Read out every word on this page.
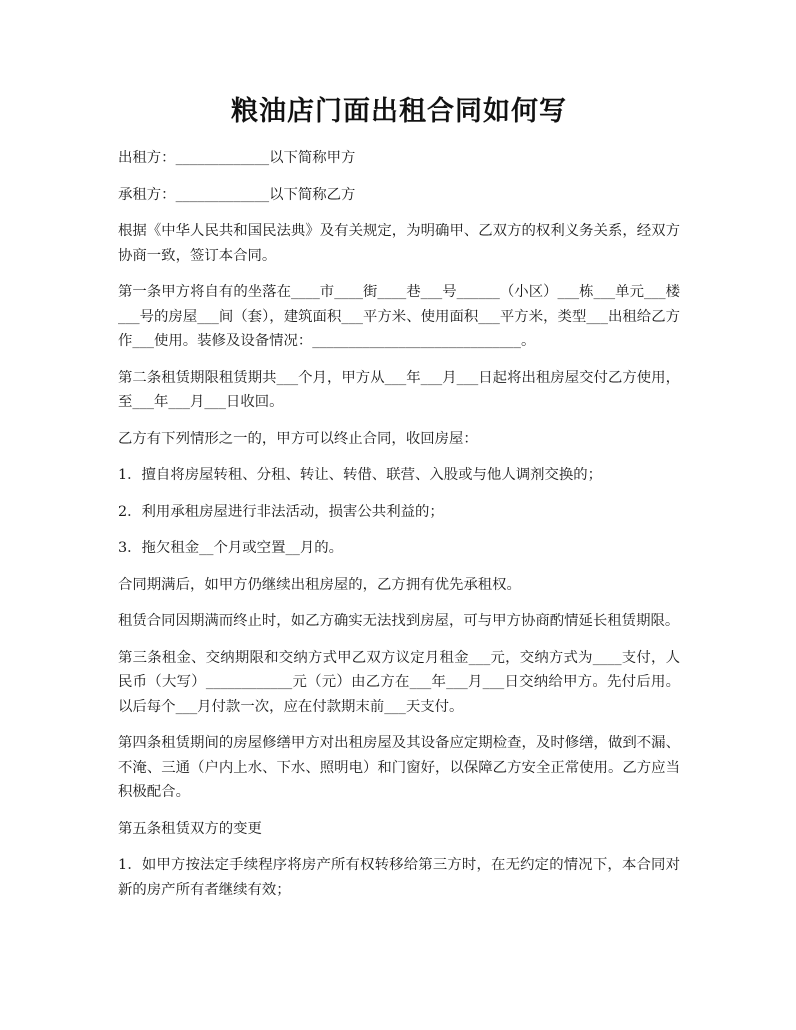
粮油店门面出租合同如何写

出租方：_____________以下简称甲方

承租方：_____________以下简称乙方

根据《中华人民共和国民法典》及有关规定，为明确甲、乙双方的权利义务关系，经双方协商一致，签订本合同。

第一条甲方将自有的坐落在____市____街____巷___号______（小区）___栋___单元___楼___号的房屋___间（套），建筑面积___平方米、使用面积___平方米，类型___出租给乙方作___使用。装修及设备情况：_____________________________。

第二条租赁期限租赁期共___个月，甲方从___年___月___日起将出租房屋交付乙方使用，至___年___月___日收回。

乙方有下列情形之一的，甲方可以终止合同，收回房屋：

1．擅自将房屋转租、分租、转让、转借、联营、入股或与他人调剂交换的；

2．利用承租房屋进行非法活动，损害公共利益的；

3．拖欠租金__个月或空置__月的。

合同期满后，如甲方仍继续出租房屋的，乙方拥有优先承租权。

租赁合同因期满而终止时，如乙方确实无法找到房屋，可与甲方协商酌情延长租赁期限。

第三条租金、交纳期限和交纳方式甲乙双方议定月租金___元，交纳方式为____支付，人民币（大写）____________元（元）由乙方在___年___月___日交纳给甲方。先付后用。以后每个___月付款一次，应在付款期末前___天支付。

第四条租赁期间的房屋修缮甲方对出租房屋及其设备应定期检查，及时修缮，做到不漏、不淹、三通（户内上水、下水、照明电）和门窗好，以保障乙方安全正常使用。乙方应当积极配合。

第五条租赁双方的变更

1．如甲方按法定手续程序将房产所有权转移给第三方时，在无约定的情况下，本合同对新的房产所有者继续有效；
